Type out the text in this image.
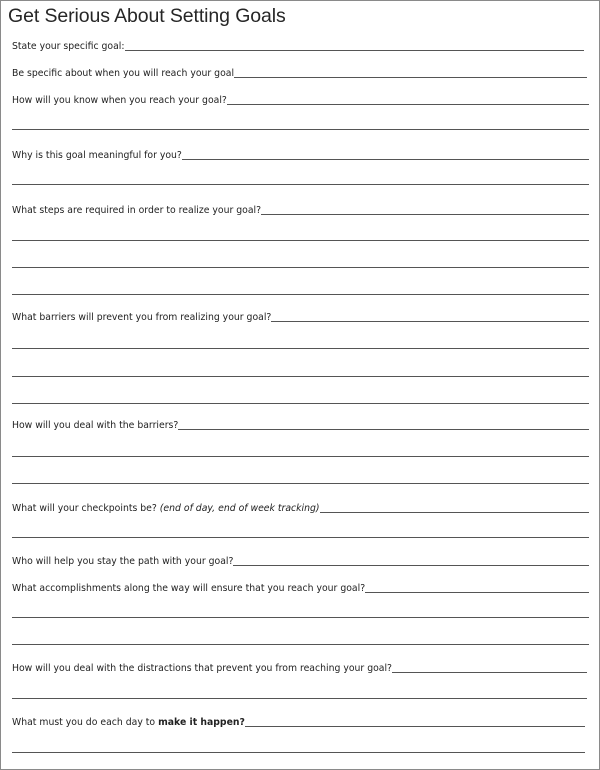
Get Serious About Setting Goals
State your specific goal:
Be specific about when you will reach your goal
How will you know when you reach your goal?
Why is this goal meaningful for you?
What steps are required in order to realize your goal?
What barriers will prevent you from realizing your goal?
How will you deal with the barriers?
What will your checkpoints be? (end of day, end of week tracking)
Who will help you stay the path with your goal?
What accomplishments along the way will ensure that you reach your goal?
How will you deal with the distractions that prevent you from reaching your goal?
What must you do each day to make it happen?
